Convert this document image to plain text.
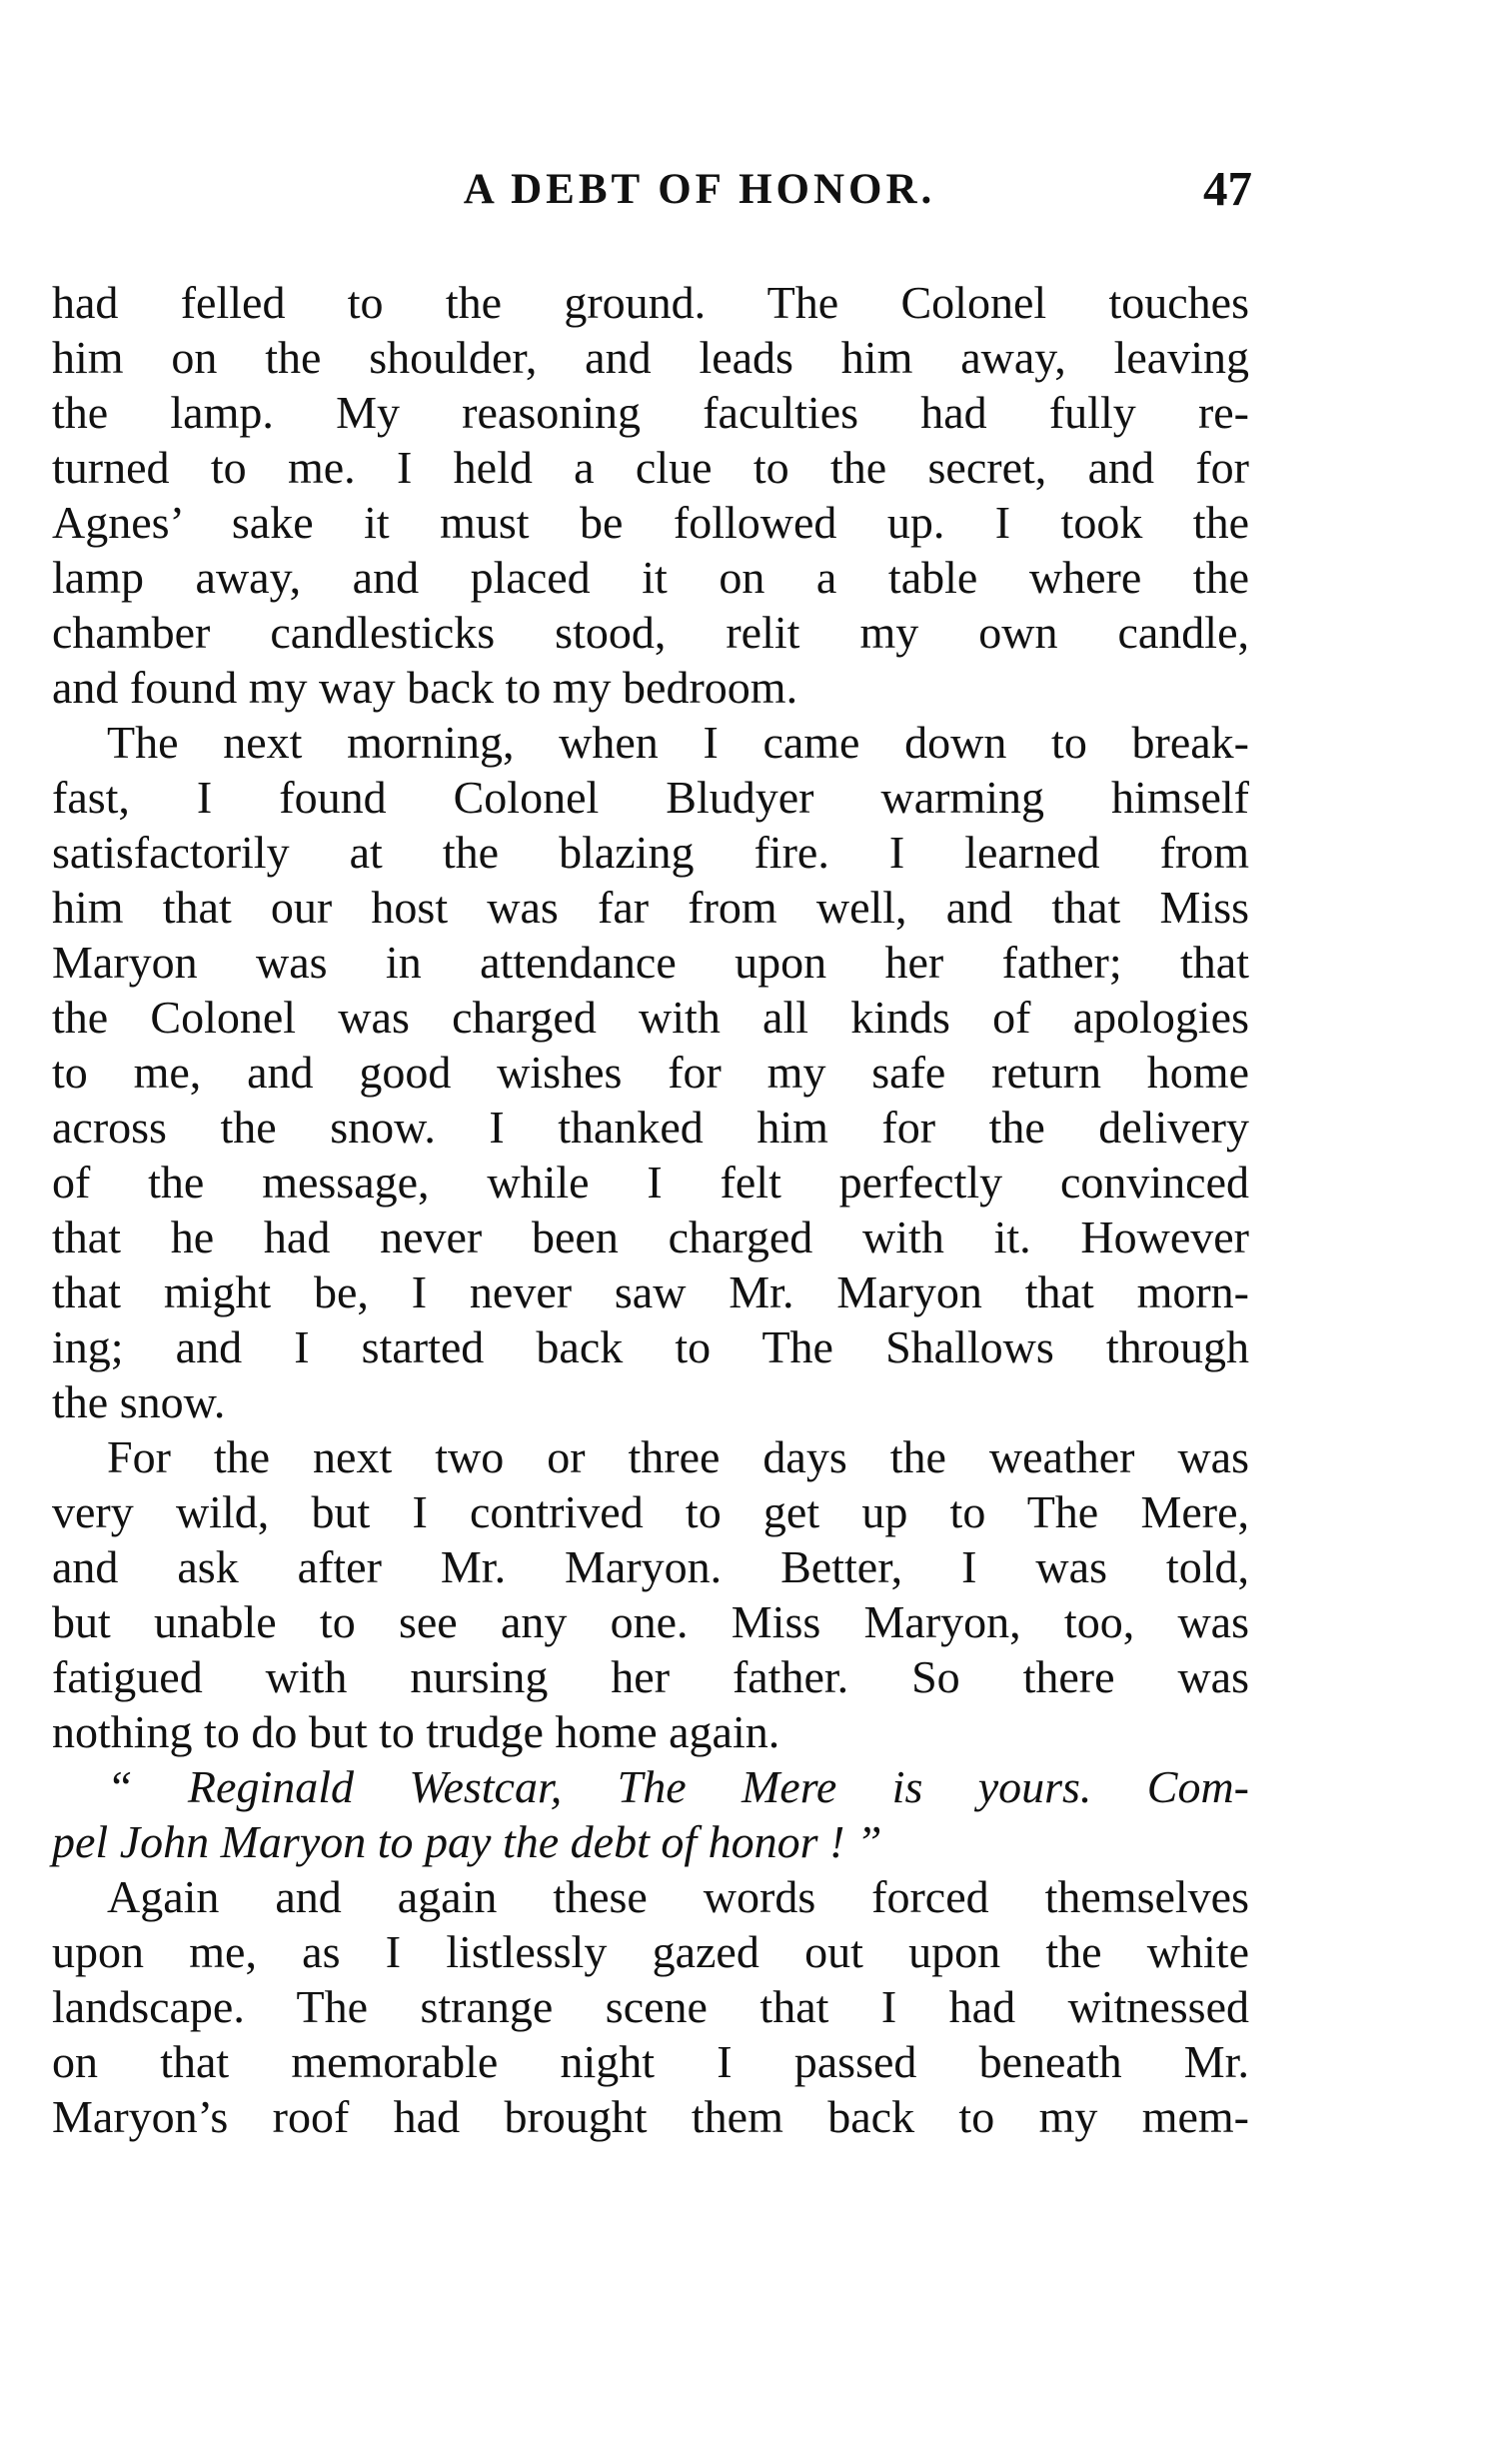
A DEBT OF HONOR.	47
had felled to the ground. The Colonel touches
him on the shoulder, and leads him away, leaving
the lamp. My reasoning faculties had fully re-
turned to me. I held a clue to the secret, and for
Agnes’ sake it must be followed up. I took the
lamp away, and placed it on a table where the
chamber candlesticks stood, relit my own candle,
and found my way back to my bedroom.
The next morning, when I came down to break-
fast, I found Colonel Bludyer warming himself
satisfactorily at the blazing fire. I learned from
him that our host was far from well, and that Miss
Maryon was in attendance upon her father; that
the Colonel was charged with all kinds of apologies
to me, and good wishes for my safe return home
across the snow. I thanked him for the delivery
of the message, while I felt perfectly convinced
that he had never been charged with it. However
that might be, I never saw Mr. Maryon that morn-
ing; and I started back to The Shallows through
the snow.
For the next two or three days the weather was
very wild, but I contrived to get up to The Mere,
and ask after Mr. Maryon. Better, I was told,
but unable to see any one. Miss Maryon, too, was
fatigued with nursing her father. So there was
nothing to do but to trudge home again.
“ Reginald Westcar, The Mere is yours. Com-
pel John Maryon to pay the debt of honor ! ”
Again and again these words forced themselves
upon me, as I listlessly gazed out upon the white
landscape. The strange scene that I had witnessed
on that memorable night I passed beneath Mr.
Maryon’s roof had brought them back to my mem-
